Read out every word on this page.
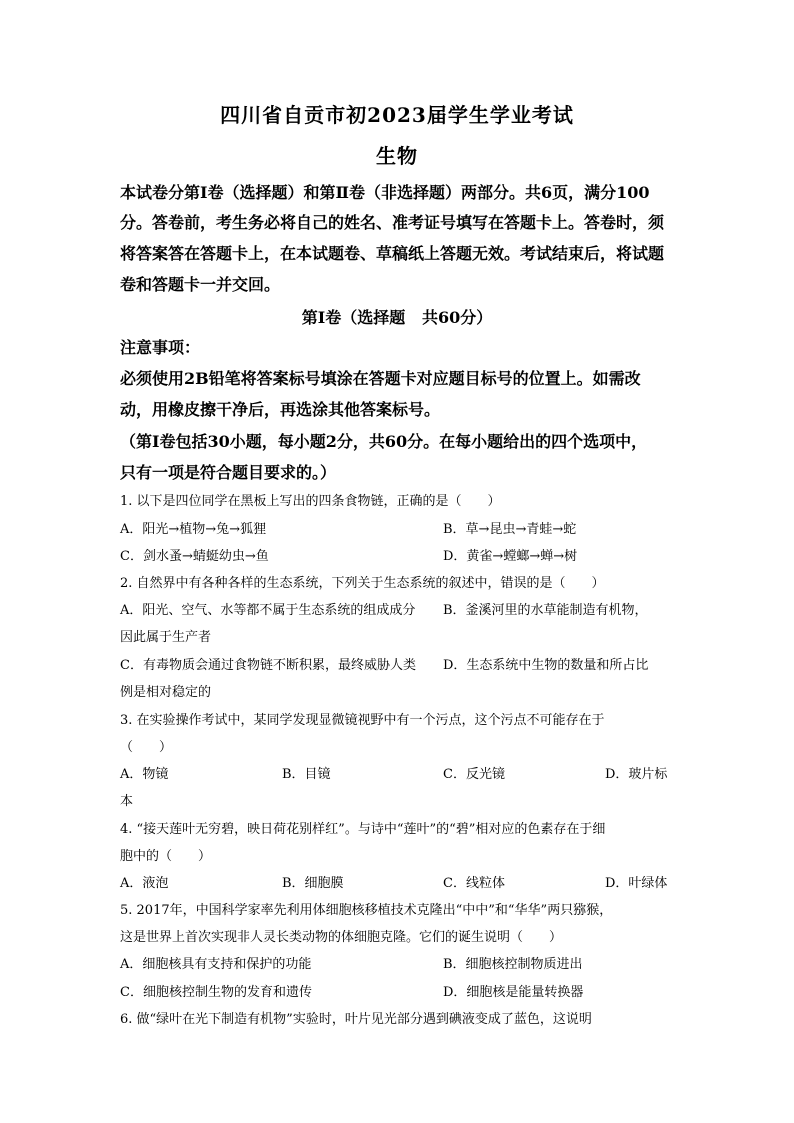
四川省自贡市初2023届学生学业考试
生物
本试卷分第Ⅰ卷（选择题）和第Ⅱ卷（非选择题）两部分。共6页，满分100
分。答卷前，考生务必将自己的姓名、准考证号填写在答题卡上。答卷时，须
将答案答在答题卡上，在本试题卷、草稿纸上答题无效。考试结束后，将试题
卷和答题卡一并交回。
第Ⅰ卷（选择题   共60分）
注意事项：
必须使用2B铅笔将答案标号填涂在答题卡对应题目标号的位置上。如需改
动，用橡皮擦干净后，再选涂其他答案标号。
（第Ⅰ卷包括30小题，每小题2分，共60分。在每小题给出的四个选项中，
只有一项是符合题目要求的。）
1. 以下是四位同学在黑板上写出的四条食物链，正确的是（　　）
A．阳光→植物→兔→狐狸	B．草→昆虫→青蛙→蛇
C．剑水蚤→蜻蜓幼虫→鱼	D．黄雀→螳螂→蝉→树
2. 自然界中有各种各样的生态系统，下列关于生态系统的叙述中，错误的是（　　）
A．阳光、空气、水等都不属于生态系统的组成成分 B．釜溪河里的水草能制造有机物，
因此属于生产者
C．有毒物质会通过食物链不断积累，最终威胁人类 D．生态系统中生物的数量和所占比
例是相对稳定的
3. 在实验操作考试中，某同学发现显微镜视野中有一个污点，这个污点不可能存在于
（　　）
A．物镜	B．目镜	C．反光镜	D．玻片标
本
4. “接天莲叶无穷碧，映日荷花别样红”。与诗中“莲叶”的“碧”相对应的色素存在于细
胞中的（　　）
A．液泡	B．细胞膜	C．线粒体	D．叶绿体
5. 2017年，中国科学家率先利用体细胞核移植技术克隆出“中中”和“华华”两只猕猴，
这是世界上首次实现非人灵长类动物的体细胞克隆。它们的诞生说明（　　）
A．细胞核具有支持和保护的功能	B．细胞核控制物质进出
C．细胞核控制生物的发育和遗传	D．细胞核是能量转换器
6. 做“绿叶在光下制造有机物”实验时，叶片见光部分遇到碘液变成了蓝色，这说明
